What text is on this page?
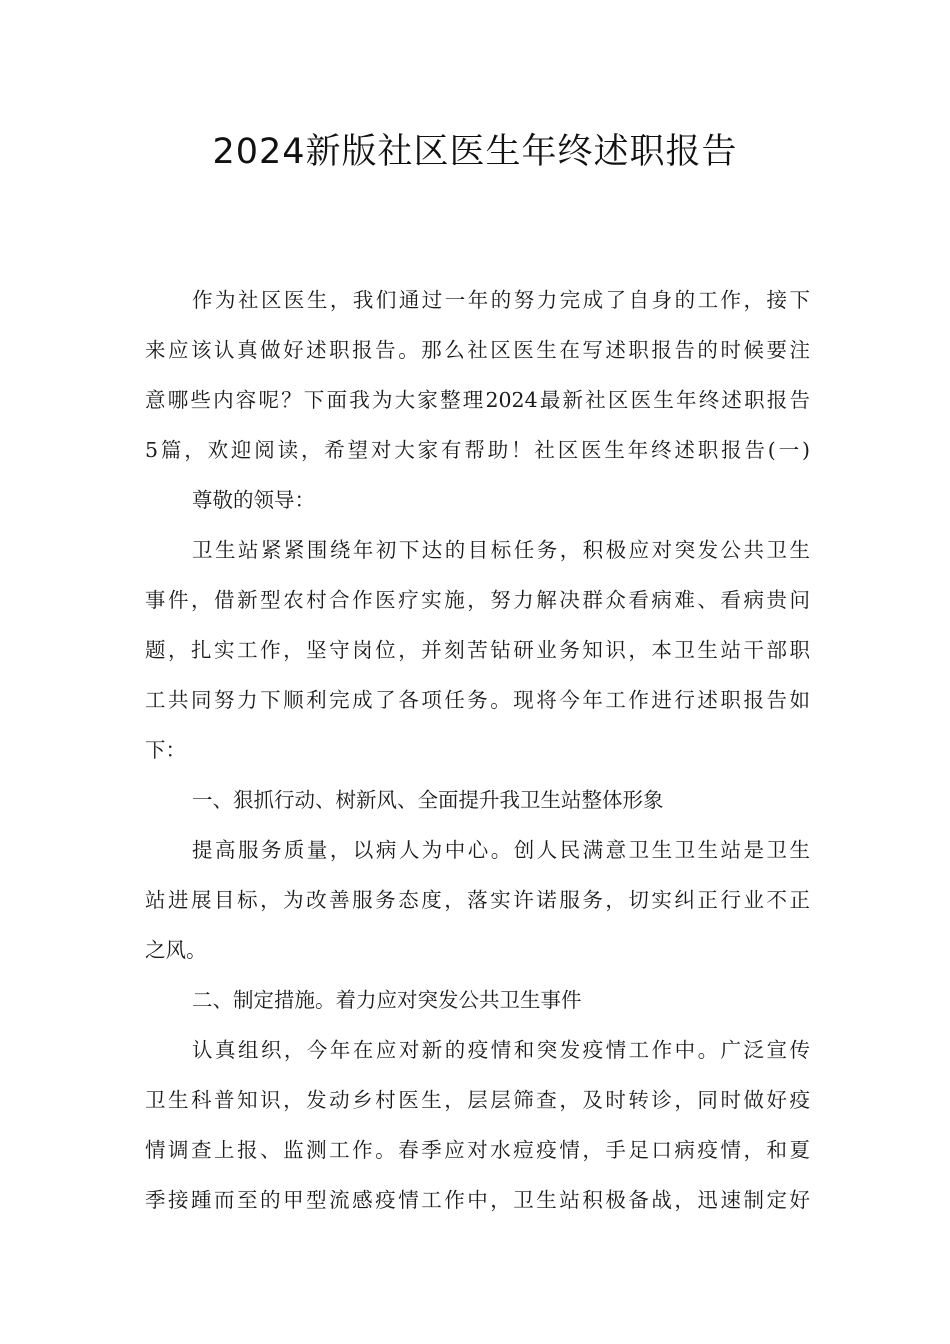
2024新版社区医生年终述职报告

作为社区医生，我们通过一年的努力完成了自身的工作，接下

来应该认真做好述职报告。那么社区医生在写述职报告的时候要注

意哪些内容呢？下面我为大家整理2024最新社区医生年终述职报告

5篇，欢迎阅读，希望对大家有帮助！社区医生年终述职报告(一)

尊敬的领导：

卫生站紧紧围绕年初下达的目标任务，积极应对突发公共卫生

事件，借新型农村合作医疗实施，努力解决群众看病难、看病贵问

题，扎实工作，坚守岗位，并刻苦钻研业务知识，本卫生站干部职

工共同努力下顺利完成了各项任务。现将今年工作进行述职报告如

下：

一、狠抓行动、树新风、全面提升我卫生站整体形象

提高服务质量，以病人为中心。创人民满意卫生卫生站是卫生

站进展目标，为改善服务态度，落实许诺服务，切实纠正行业不正

之风。

二、制定措施。着力应对突发公共卫生事件

认真组织，今年在应对新的疫情和突发疫情工作中。广泛宣传

卫生科普知识，发动乡村医生，层层筛查，及时转诊，同时做好疫

情调查上报、监测工作。春季应对水痘疫情，手足口病疫情，和夏

季接踵而至的甲型流感疫情工作中，卫生站积极备战，迅速制定好
